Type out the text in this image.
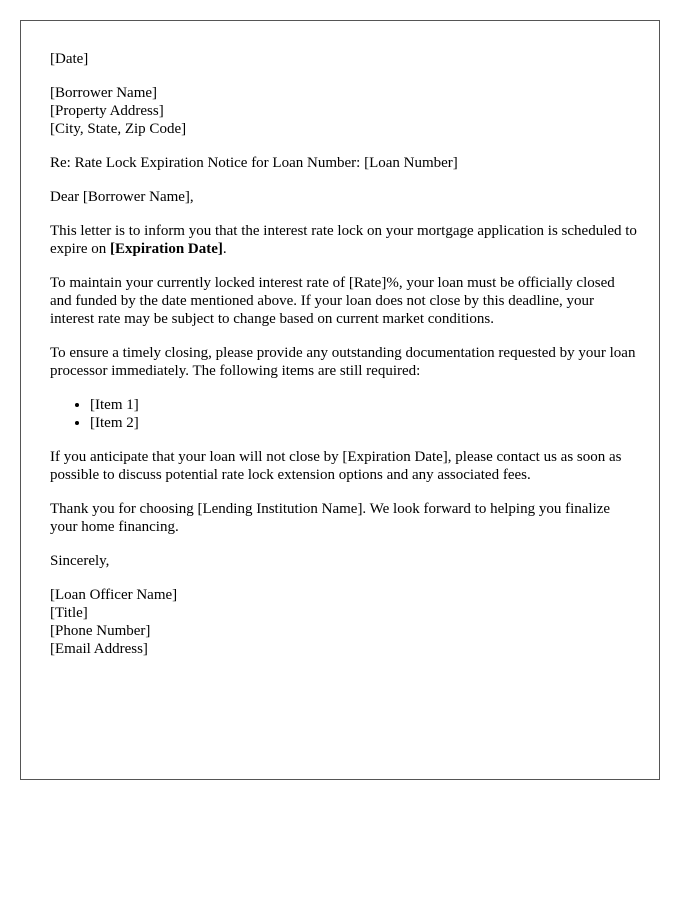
[Date]

[Borrower Name]

[Property Address]

[City, State, Zip Code]

Re: Rate Lock Expiration Notice for Loan Number: [Loan Number]

Dear [Borrower Name],

This letter is to inform you that the interest rate lock on your mortgage application is scheduled to expire on [Expiration Date].

To maintain your currently locked interest rate of [Rate]%, your loan must be officially closed and funded by the date mentioned above. If your loan does not close by this deadline, your interest rate may be subject to change based on current market conditions.

To ensure a timely closing, please provide any outstanding documentation requested by your loan processor immediately. The following items are still required:

• [Item 1]
• [Item 2]

If you anticipate that your loan will not close by [Expiration Date], please contact us as soon as possible to discuss potential rate lock extension options and any associated fees.

Thank you for choosing [Lending Institution Name]. We look forward to helping you finalize your home financing.

Sincerely,

[Loan Officer Name]

[Title]

[Phone Number]

[Email Address]
